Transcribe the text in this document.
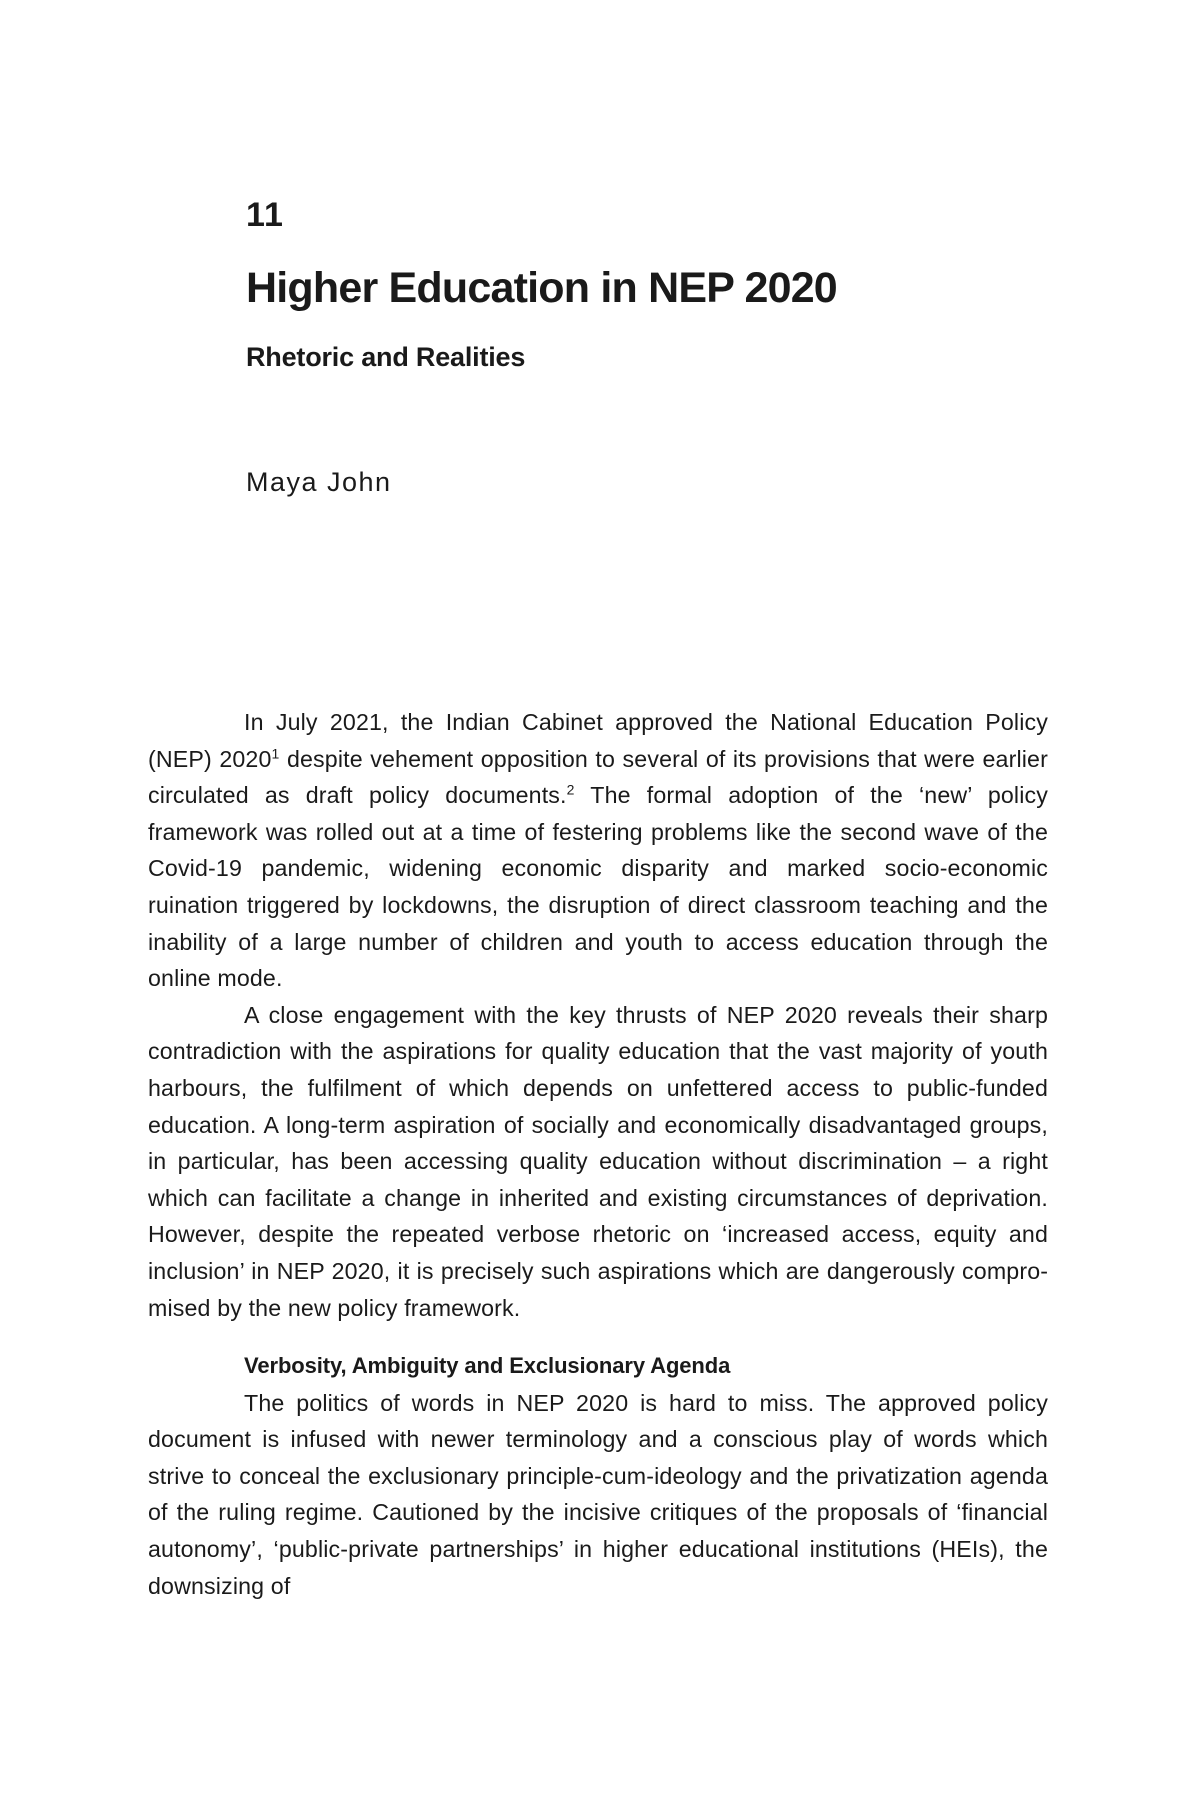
11
Higher Education in NEP 2020
Rhetoric and Realities
Maya John

In July 2021, the Indian Cabinet approved the National Education Policy (NEP) 2020$^1$ despite vehement opposition to several of its provisions that were earlier circulated as draft policy documents.$^2$ The formal adoption of the ‘new’ policy framework was rolled out at a time of festering problems like the second wave of the Covid-19 pandemic, widening economic disparity and marked socio-economic ruination triggered by lockdowns, the disruption of direct classroom teaching and the inability of a large number of children and youth to access education through the online mode.

A close engagement with the key thrusts of NEP 2020 reveals their sharp contradiction with the aspirations for quality education that the vast majority of youth harbours, the fulfilment of which depends on unfettered access to public-funded education. A long-term aspiration of socially and economically disadvantaged groups, in particular, has been accessing quality education without discrimination – a right which can facilitate a change in inherited and existing circumstances of deprivation. However, despite the repeated verbose rhetoric on ‘increased access, equity and inclusion’ in NEP 2020, it is precisely such aspirations which are dangerously compromised by the new policy framework.

Verbosity, Ambiguity and Exclusionary Agenda

The politics of words in NEP 2020 is hard to miss. The approved policy document is infused with newer terminology and a conscious play of words which strive to conceal the exclusionary principle-cum-ideology and the privatization agenda of the ruling regime. Cautioned by the incisive critiques of the proposals of ‘financial autonomy’, ‘public-private partnerships’ in higher educational institutions (HEIs), the downsizing of
